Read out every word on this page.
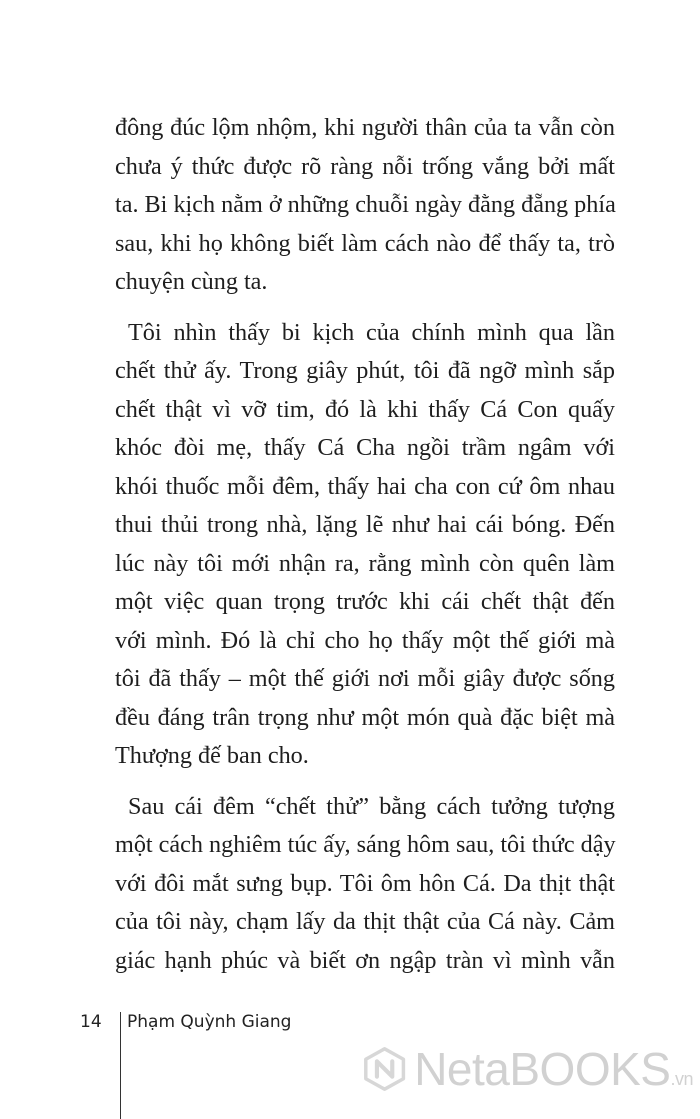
đông đúc lộm nhộm, khi người thân của ta vẫn còn
chưa ý thức được rõ ràng nỗi trống vắng bởi mất
ta. Bi kịch nằm ở những chuỗi ngày đằng đẵng phía
sau, khi họ không biết làm cách nào để thấy ta, trò
chuyện cùng ta.
Tôi nhìn thấy bi kịch của chính mình qua lần
chết thử ấy. Trong giây phút, tôi đã ngỡ mình sắp
chết thật vì vỡ tim, đó là khi thấy Cá Con quấy
khóc đòi mẹ, thấy Cá Cha ngồi trầm ngâm với
khói thuốc mỗi đêm, thấy hai cha con cứ ôm nhau
thui thủi trong nhà, lặng lẽ như hai cái bóng. Đến
lúc này tôi mới nhận ra, rằng mình còn quên làm
một việc quan trọng trước khi cái chết thật đến
với mình. Đó là chỉ cho họ thấy một thế giới mà
tôi đã thấy – một thế giới nơi mỗi giây được sống
đều đáng trân trọng như một món quà đặc biệt mà
Thượng đế ban cho.
Sau cái đêm “chết thử” bằng cách tưởng tượng
một cách nghiêm túc ấy, sáng hôm sau, tôi thức dậy
với đôi mắt sưng bụp. Tôi ôm hôn Cá. Da thịt thật
của tôi này, chạm lấy da thịt thật của Cá này. Cảm
giác hạnh phúc và biết ơn ngập tràn vì mình vẫn
14	Phạm Quỳnh Giang
NetaBOOKS.vn
